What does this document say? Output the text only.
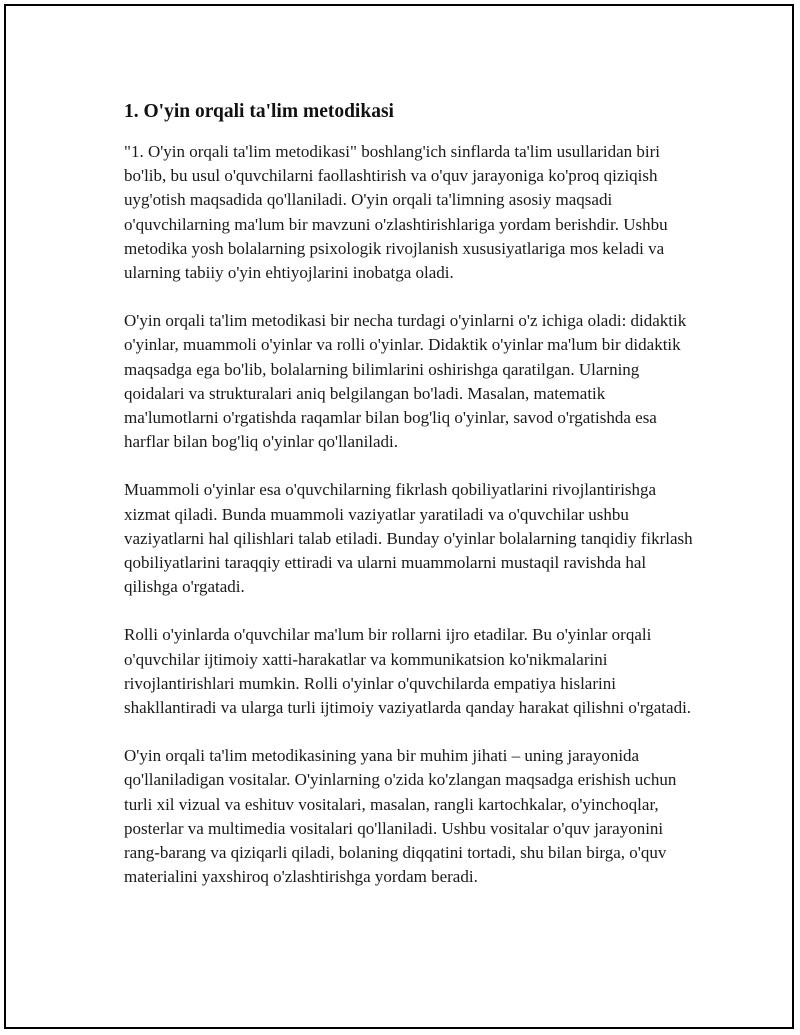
1. O'yin orqali ta'lim metodikasi

"1. O'yin orqali ta'lim metodikasi" boshlang'ich sinflarda ta'lim usullaridan biri bo'lib, bu usul o'quvchilarni faollashtirish va o'quv jarayoniga ko'proq qiziqish uyg'otish maqsadida qo'llaniladi. O'yin orqali ta'limning asosiy maqsadi o'quvchilarning ma'lum bir mavzuni o'zlashtirishlariga yordam berishdir. Ushbu metodika yosh bolalarning psixologik rivojlanish xususiyatlariga mos keladi va ularning tabiiy o'yin ehtiyojlarini inobatga oladi.

O'yin orqali ta'lim metodikasi bir necha turdagi o'yinlarni o'z ichiga oladi: didaktik o'yinlar, muammoli o'yinlar va rolli o'yinlar. Didaktik o'yinlar ma'lum bir didaktik maqsadga ega bo'lib, bolalarning bilimlarini oshirishga qaratilgan. Ularning qoidalari va strukturalari aniq belgilangan bo'ladi. Masalan, matematik ma'lumotlarni o'rgatishda raqamlar bilan bog'liq o'yinlar, savod o'rgatishda esa harflar bilan bog'liq o'yinlar qo'llaniladi.

Muammoli o'yinlar esa o'quvchilarning fikrlash qobiliyatlarini rivojlantirishga xizmat qiladi. Bunda muammoli vaziyatlar yaratiladi va o'quvchilar ushbu vaziyatlarni hal qilishlari talab etiladi. Bunday o'yinlar bolalarning tanqidiy fikrlash qobiliyatlarini taraqqiy ettiradi va ularni muammolarni mustaqil ravishda hal qilishga o'rgatadi.

Rolli o'yinlarda o'quvchilar ma'lum bir rollarni ijro etadilar. Bu o'yinlar orqali o'quvchilar ijtimoiy xatti-harakatlar va kommunikatsion ko'nikmalarini rivojlantirishlari mumkin. Rolli o'yinlar o'quvchilarda empatiya hislarini shakllantiradi va ularga turli ijtimoiy vaziyatlarda qanday harakat qilishni o'rgatadi.

O'yin orqali ta'lim metodikasining yana bir muhim jihati – uning jarayonida qo'llaniladigan vositalar. O'yinlarning o'zida ko'zlangan maqsadga erishish uchun turli xil vizual va eshituv vositalari, masalan, rangli kartochkalar, o'yinchoqlar, posterlar va multimedia vositalari qo'llaniladi. Ushbu vositalar o'quv jarayonini rang-barang va qiziqarli qiladi, bolaning diqqatini tortadi, shu bilan birga, o'quv materialini yaxshiroq o'zlashtirishga yordam beradi.
